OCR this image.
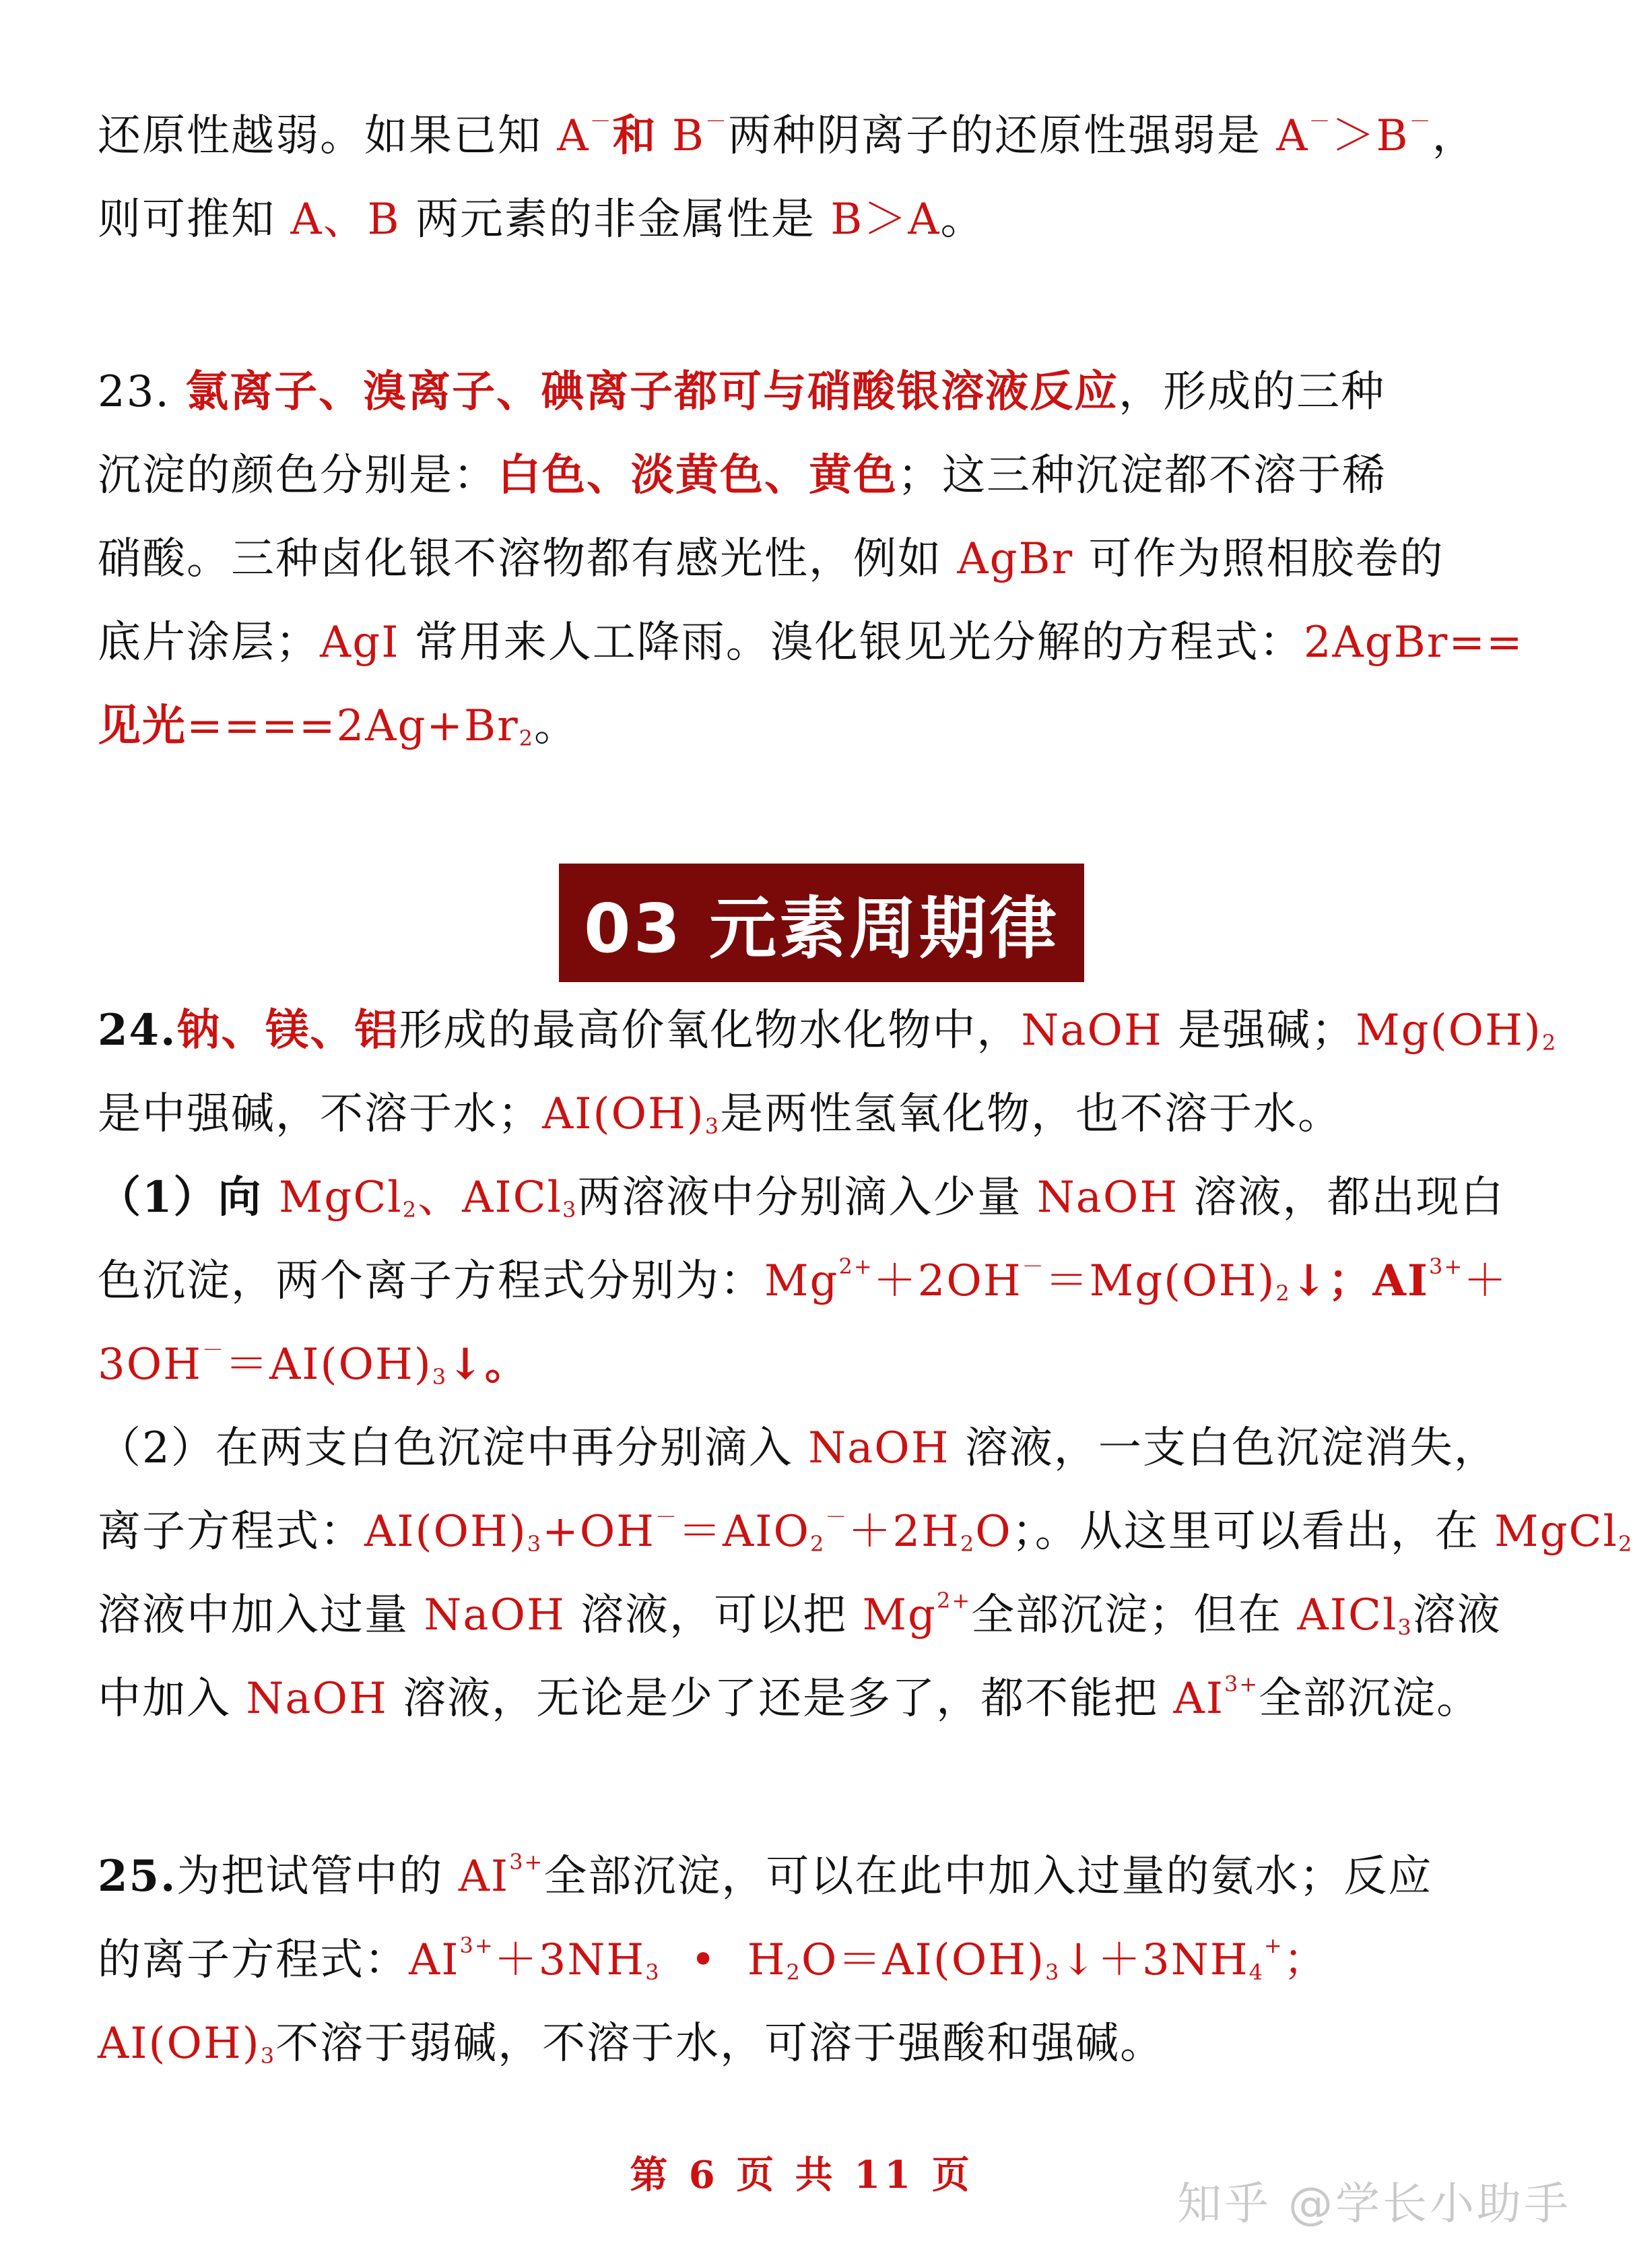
还原性越弱。如果已知 A－和 B－两种阴离子的还原性强弱是 A－＞B－，
则可推知 A、B 两元素的非金属性是 B＞A。
23. 氯离子、溴离子、碘离子都可与硝酸银溶液反应，形成的三种
沉淀的颜色分别是：白色、淡黄色、黄色；这三种沉淀都不溶于稀
硝酸。三种卤化银不溶物都有感光性，例如 AgBr 可作为照相胶卷的
底片涂层；AgI 常用来人工降雨。溴化银见光分解的方程式：2AgBr==
见光$====2Ag+Br_2$。
03 元素周期律
24.钠、镁、铝形成的最高价氧化物水化物中，NaOH 是强碱；$Mg(OH)_2$
是中强碱，不溶于水；$AI(OH)_3$是两性氢氧化物，也不溶于水。
（1）向 MgCl$_2$、AICl$_3$两溶液中分别滴入少量 NaOH 溶液，都出现白
色沉淀，两个离子方程式分别为：$Mg^{2+}+2OH^-=Mg(OH)_2↓$；$AI^{3+}+$
$3OH^-=AI(OH)_3↓$。
（2）在两支白色沉淀中再分别滴入 NaOH 溶液，一支白色沉淀消失，
离子方程式：$AI(OH)_3+OH^-=AIO_2^-+2H_2O$；。从这里可以看出，在 MgCl$_2$
溶液中加入过量 NaOH 溶液，可以把 $Mg^{2+}$全部沉淀；但在 AICl$_3$溶液
中加入 NaOH 溶液，无论是少了还是多了，都不能把 $AI^{3+}$全部沉淀。
25.为把试管中的 $AI^{3+}$全部沉淀，可以在此中加入过量的氨水；反应
的离子方程式：$AI^{3+}+3NH_3$  •  $H_2O=AI(OH)_3↓+3NH_4^+$；
$AI(OH)_3$不溶于弱碱，不溶于水，可溶于强酸和强碱。
第 6 页 共 11 页
知乎 @学长小助手
